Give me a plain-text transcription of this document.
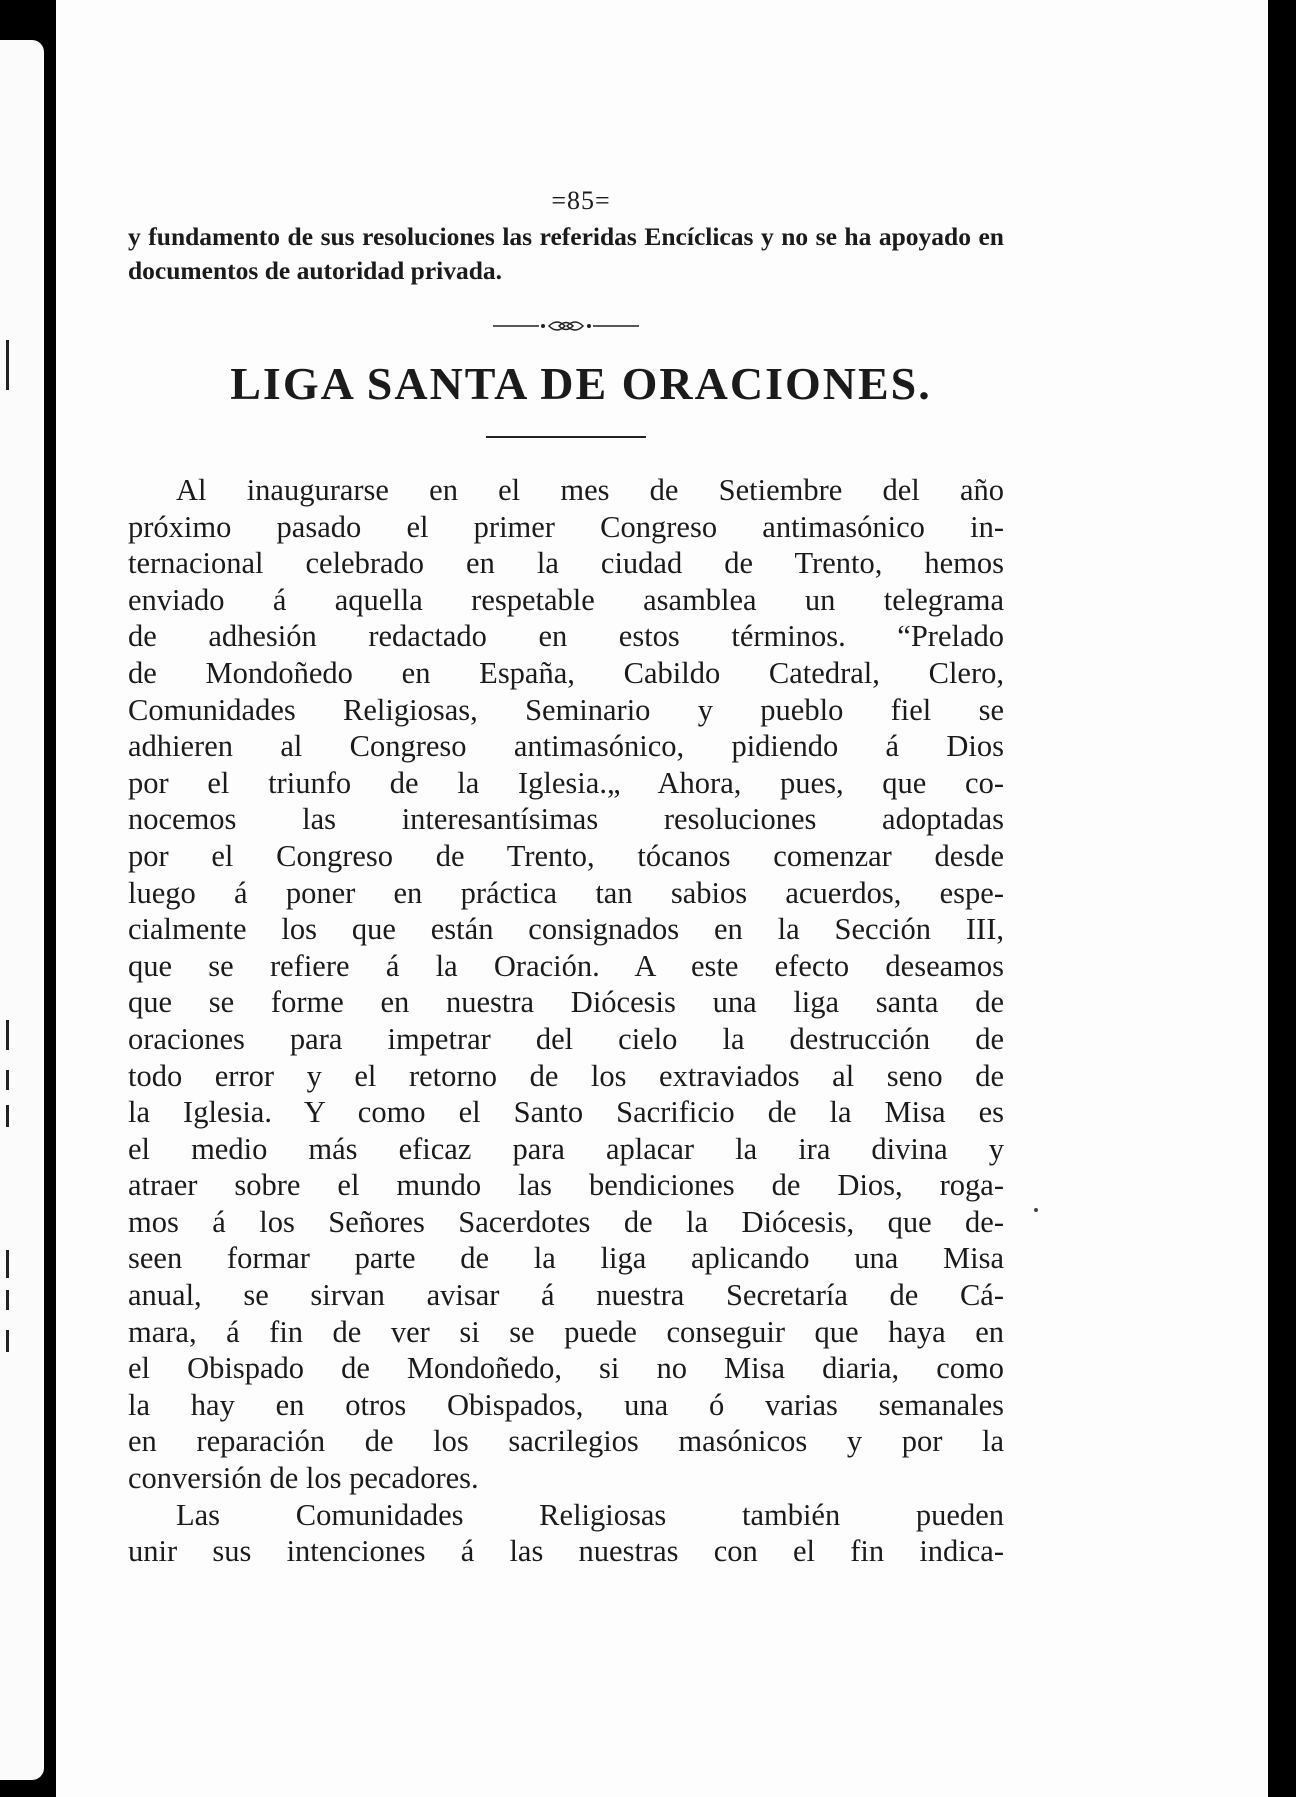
=85=

y fundamento de sus resoluciones las referidas Encíclicas y no se ha apoyado en documentos de autoridad privada.

LIGA SANTA DE ORACIONES.

Al inaugurarse en el mes de Setiembre del año
próximo pasado el primer Congreso antimasónico in-
ternacional celebrado en la ciudad de Trento, hemos
enviado á aquella respetable asamblea un telegrama
de adhesión redactado en estos términos. “Prelado
de Mondoñedo en España, Cabildo Catedral, Clero,
Comunidades Religiosas, Seminario y pueblo fiel se
adhieren al Congreso antimasónico, pidiendo á Dios
por el triunfo de la Iglesia.„ Ahora, pues, que co-
nocemos las interesantísimas resoluciones adoptadas
por el Congreso de Trento, tócanos comenzar desde
luego á poner en práctica tan sabios acuerdos, espe-
cialmente los que están consignados en la Sección III,
que se refiere á la Oración. A este efecto deseamos
que se forme en nuestra Diócesis una liga santa de
oraciones para impetrar del cielo la destrucción de
todo error y el retorno de los extraviados al seno de
la Iglesia. Y como el Santo Sacrificio de la Misa es
el medio más eficaz para aplacar la ira divina y
atraer sobre el mundo las bendiciones de Dios, roga-
mos á los Señores Sacerdotes de la Diócesis, que de-
seen formar parte de la liga aplicando una Misa
anual, se sirvan avisar á nuestra Secretaría de Cá-
mara, á fin de ver si se puede conseguir que haya en
el Obispado de Mondoñedo, si no Misa diaria, como
la hay en otros Obispados, una ó varias semanales
en reparación de los sacrilegios masónicos y por la
conversión de los pecadores.

Las Comunidades Religiosas también pueden
unir sus intenciones á las nuestras con el fin indica-
